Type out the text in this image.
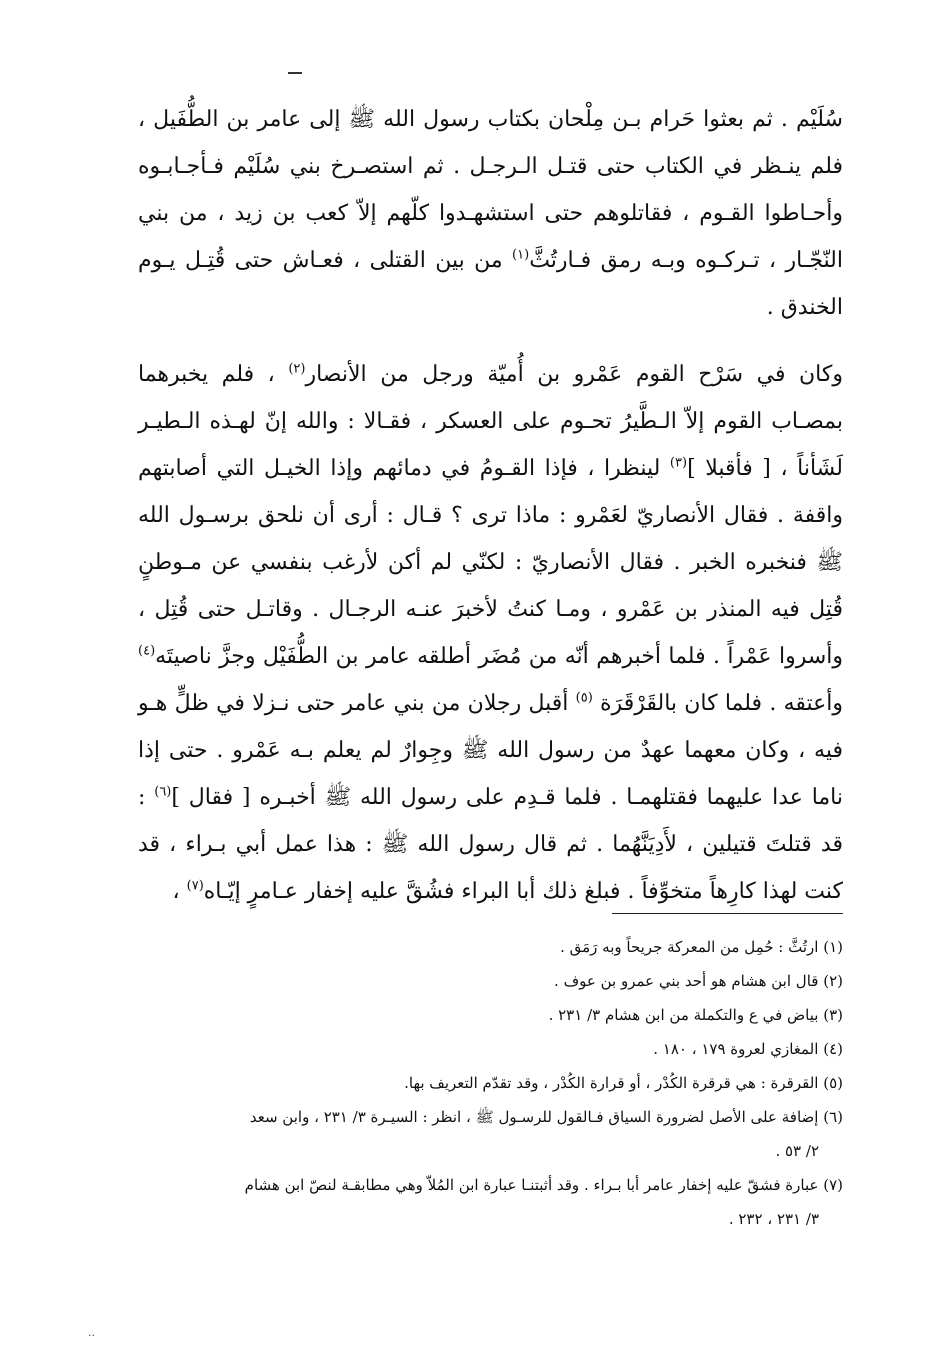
سُلَيْم . ثم بعثوا حَرام بـن مِلْحان بكتاب رسول الله ﷺ إلى عامر بن الطُّفَيل ، فلم ينـظر في الكتاب حتى قتـل الـرجـل . ثم استصـرخ بني سُلَيْم فـأجـابـوه وأحـاطوا القـوم ، فقاتلوهم حتى استشهـدوا كلّهم إلاّ كعب بن زيد ، من بني النّجّـار ، تـركـوه وبـه رمق فـارتُثَّ$^{(١)}$ من بين القتلى ، فعـاش حتى قُتِـل يـوم الخندق .

وكان في سَرْح القوم عَمْرو بن أُميّة ورجل من الأنصار$^{(٢)}$ ، فلم يخبرهما بمصـاب القوم إلاّ الـطَّيرُ تحـوم على العسكر ، فقـالا : والله إنّ لهـذه الـطيـر لَشَأناً ، [ فأقبلا ]$^{(٣)}$ لينظرا ، فإذا القـومُ في دمائهم وإذا الخيـل التي أصابتهم واقفة . فقال الأنصاريّ لعَمْرو : ماذا ترى ؟ قـال : أرى أن نلحق برسـول الله ﷺ فنخبره الخبر . فقال الأنصاريّ : لكنّي لم أكن لأرغب بنفسي عن مـوطنٍ قُتِل فيه المنذر بن عَمْرو ، ومـا كنتُ لأخبرَ عنـه الرجـال . وقاتـل حتى قُتِل ، وأسروا عَمْراً . فلما أخبرهم أنّه من مُضَر أطلقه عامر بن الطُّفَيْل وجزَّ ناصيتَه$^{(٤)}$ وأعتقه . فلما كان بالقَرْقَرَة $^{(٥)}$ أقبل رجلان من بني عامر حتى نـزلا في ظلٍّ هـو فيه ، وكان معهما عهدٌ من رسول الله ﷺ وجِوارٌ لم يعلم بـه عَمْرو . حتى إذا ناما عدا عليهما فقتلهمـا . فلما قـدِم على رسول الله ﷺ أخبـره [ فقال ]$^{(٦)}$ : قد قتلتَ قتيلين ، لأَدِيَنَّهُما . ثم قال رسول الله ﷺ : هذا عمل أبي بـراء ، قد كنت لهذا كارِهاً متخوِّفاً . فبلغ ذلك أبا البراء فشُقَّ عليه إخفار عـامرٍ إيّـاه$^{(٧)}$ ،

(١) ارتُثَّ : حُمِل من المعركة جريحاً وبه رَمَق .

(٢) قال ابن هشام هو أحد بني عمرو بن عوف .

(٣) بياض في ع والتكملة من ابن هشام ٣/ ٢٣١ .

(٤) المغازي لعروة ١٧٩ ، ١٨٠ .

(٥) القرقرة : هي قرقرة الكُدْر ، أو قرارة الكُدْر ، وقد تقدّم التعريف بها.

(٦) إضافة على الأصل لضرورة السياق فـالقول للرسـول ﷺ ، انظر : السيـرة ٣/ ٢٣١ ، وابن سعد
٢/ ٥٣ .

(٧) عبارة فشقّ عليه إخفار عامر أبا بـراء . وقد أثبتنـا عبارة ابن المُلاّ وهي مطابقـة لنصّ ابن هشام
٣/ ٢٣١ ، ٢٣٢ .

..
